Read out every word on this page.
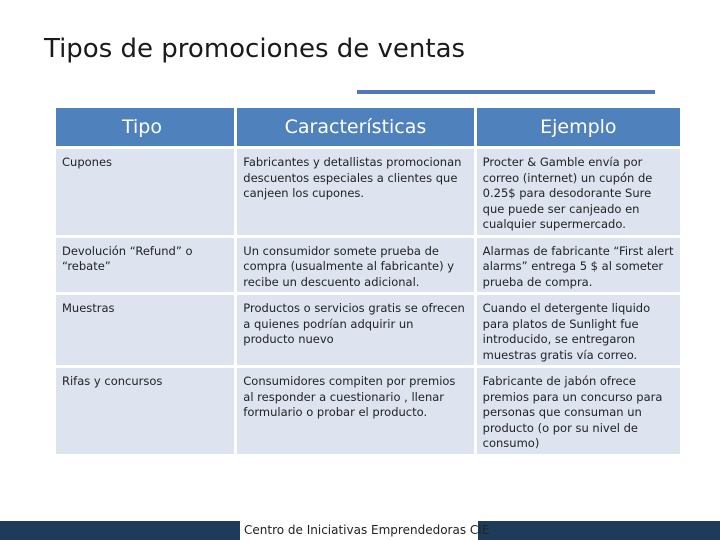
Tipos de promociones de ventas
Tipo	Características	Ejemplo
Cupones	Fabricantes y detallistas promocionan descuentos especiales a clientes que canjeen los cupones.	Procter & Gamble envía por correo (internet) un cupón de 0.25$ para desodorante Sure que puede ser canjeado en cualquier supermercado.
Devolución “Refund” o “rebate”	Un consumidor somete prueba de compra (usualmente al fabricante) y recibe un descuento adicional.	Alarmas de fabricante “First alert alarms” entrega 5 $ al someter prueba de compra.
Muestras	Productos o servicios gratis se ofrecen a quienes podrían adquirir un producto nuevo	Cuando el detergente liquido para platos de Sunlight fue introducido, se entregaron muestras gratis vía correo.
Rifas y concursos	Consumidores compiten por premios al responder a cuestionario , llenar formulario o probar el producto.	Fabricante de jabón ofrece premios para un concurso para personas que consuman un producto (o por su nivel de consumo)
Centro de Iniciativas Emprendedoras CIE
